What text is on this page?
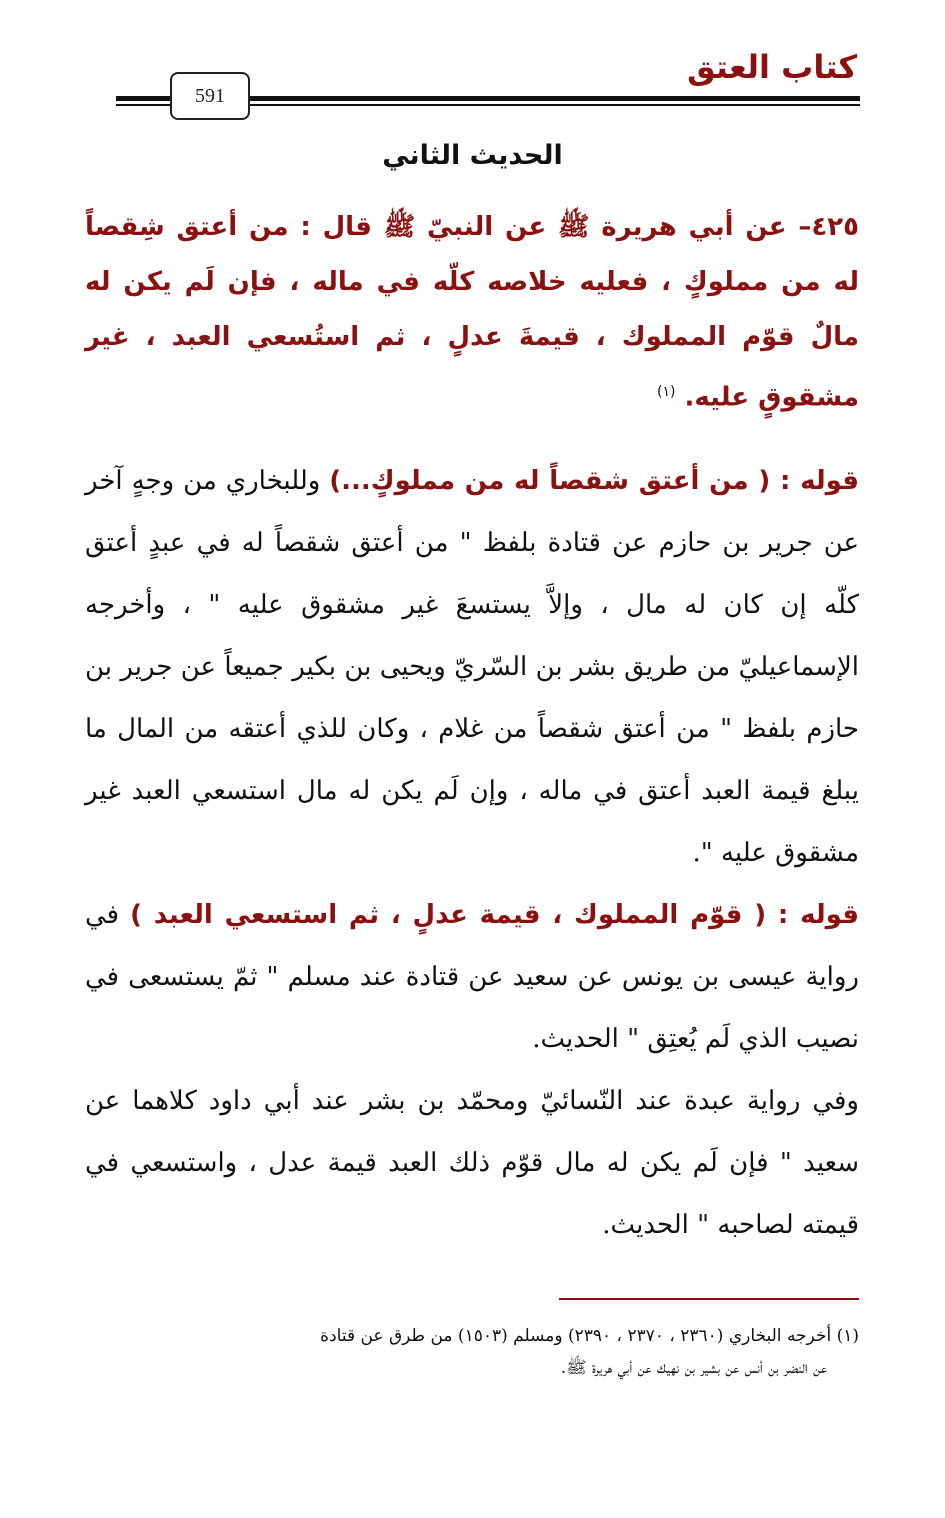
كتاب العتق
591
الحديث الثاني
٤٢٥– عن أبي هريرة ﷺ عن النبيّ ﷺ قال : من أعتق شِقصاً له من مملوكٍ ، فعليه خلاصه كلّه في ماله ، فإن لَم يكن له مالٌ قوّم المملوك ، قيمةَ عدلٍ ، ثم استُسعي العبد ، غير مشقوقٍ عليه. $^{(١)}$

قوله : ( من أعتق شقصاً له من مملوكٍ...) وللبخاري من وجهٍ آخر عن جرير بن حازم عن قتادة بلفظ " من أعتق شقصاً له في عبدٍ أعتق كلّه إن كان له مال ، وإلاَّ يستسعَ غير مشقوق عليه " ، وأخرجه الإسماعيليّ من طريق بشر بن السّريّ ويحيى بن بكير جميعاً عن جرير بن حازم بلفظ " من أعتق شقصاً من غلام ، وكان للذي أعتقه من المال ما يبلغ قيمة العبد أعتق في ماله ، وإن لَم يكن له مال استسعي العبد غير مشقوق عليه ".

قوله : ( قوّم المملوك ، قيمة عدلٍ ، ثم استسعي العبد ) في رواية عيسى بن يونس عن سعيد عن قتادة عند مسلم " ثمّ يستسعى في نصيب الذي لَم يُعتِق " الحديث.

وفي رواية عبدة عند النّسائيّ ومحمّد بن بشر عند أبي داود كلاهما عن سعيد " فإن لَم يكن له مال قوّم ذلك العبد قيمة عدل ، واستسعي في قيمته لصاحبه " الحديث.

(١) أخرجه البخاري (٢٣٦٠ ، ٢٣٧٠ ، ٢٣٩٠) ومسلم (١٥٠٣) من طرق عن قتادة
عن النضر بن أنس عن بشير بن نهيك عن أبي هريرة ﷺ.
